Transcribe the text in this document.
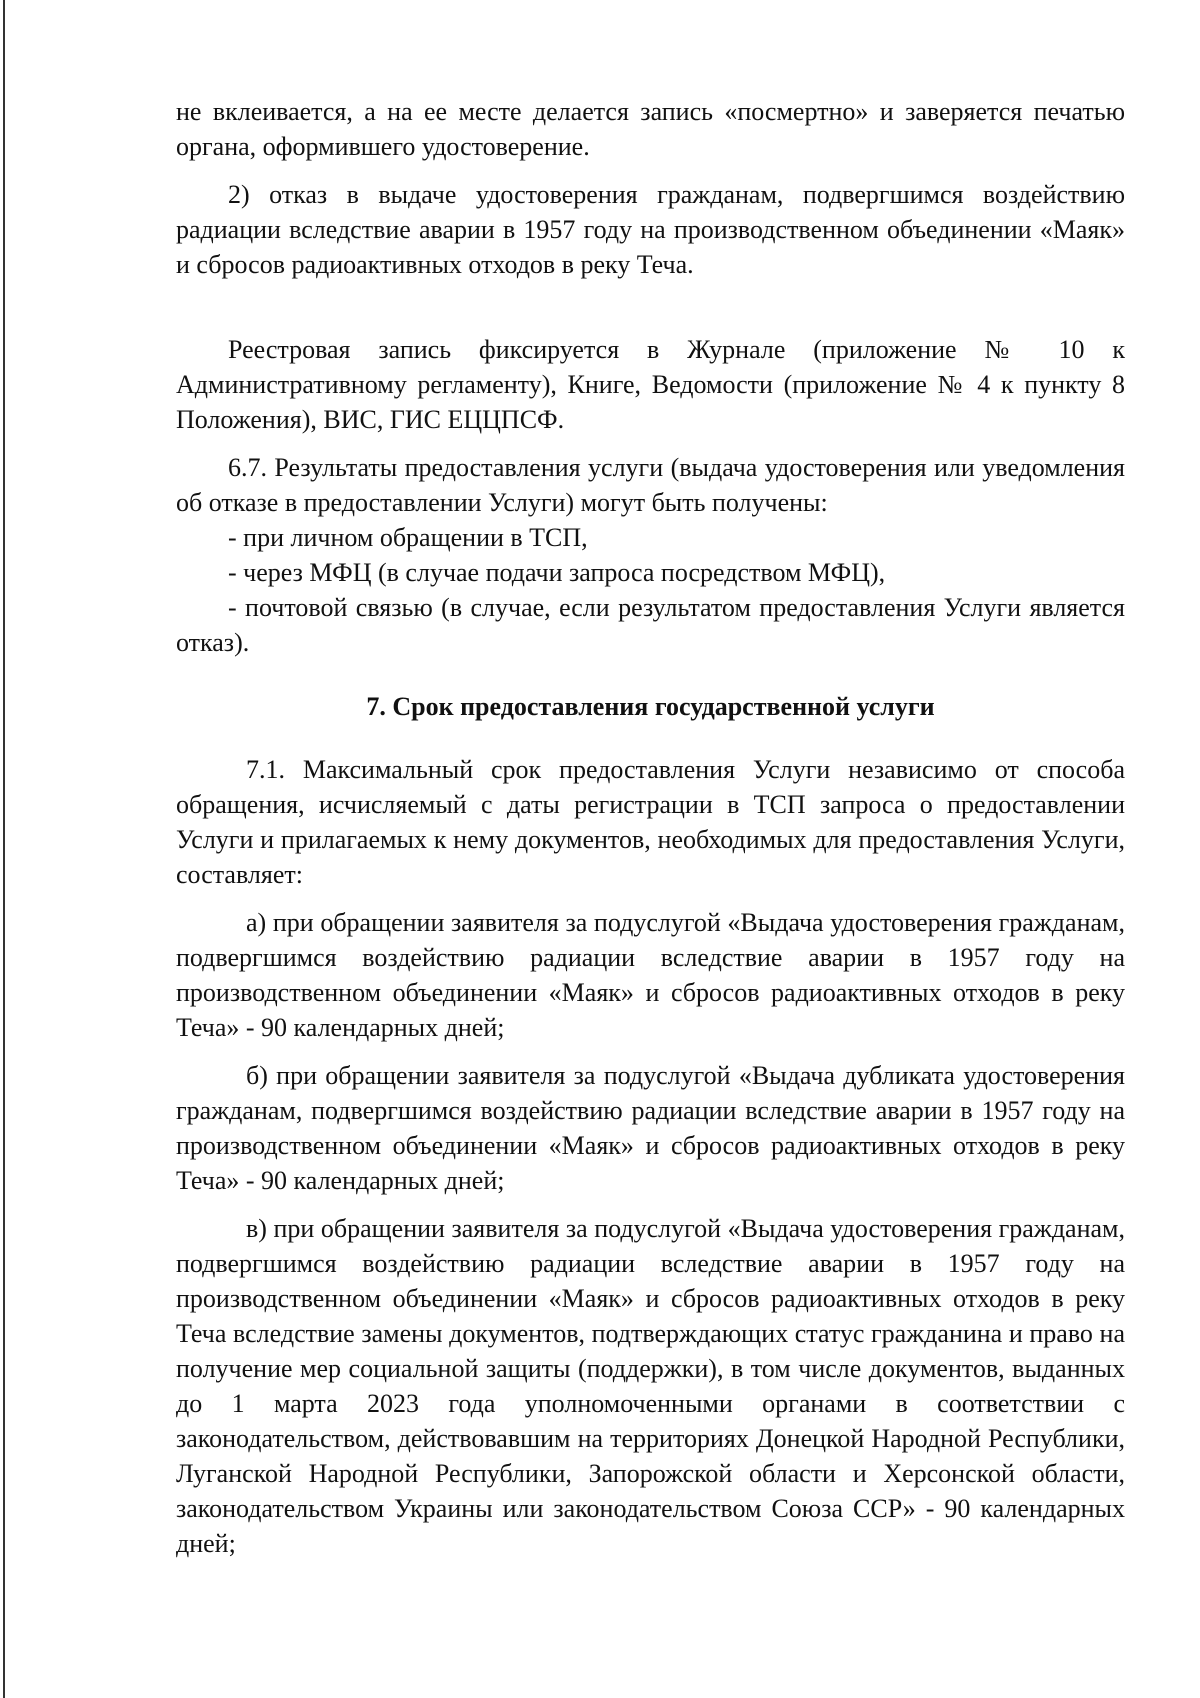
не вклеивается, а на ее месте делается запись «посмертно» и заверяется печатью органа, оформившего удостоверение.

2) отказ в выдаче удостоверения гражданам, подвергшимся воздействию радиации вследствие аварии в 1957 году на производственном объединении «Маяк» и сбросов радиоактивных отходов в реку Теча.

Реестровая запись фиксируется в Журнале (приложение № 10 к Административному регламенту), Книге, Ведомости (приложение № 4 к пункту 8 Положения), ВИС, ГИС ЕЦЦПСФ.

6.7. Результаты предоставления услуги (выдача удостоверения или уведомления об отказе в предоставлении Услуги) могут быть получены:

- при личном обращении в ТСП,

- через МФЦ (в случае подачи запроса посредством МФЦ),

- почтовой связью (в случае, если результатом предоставления Услуги является отказ).

7. Срок предоставления государственной услуги

7.1. Максимальный срок предоставления Услуги независимо от способа обращения, исчисляемый с даты регистрации в ТСП запроса о предоставлении Услуги и прилагаемых к нему документов, необходимых для предоставления Услуги, составляет:

а) при обращении заявителя за подуслугой «Выдача удостоверения гражданам, подвергшимся воздействию радиации вследствие аварии в 1957 году на производственном объединении «Маяк» и сбросов радиоактивных отходов в реку Теча» - 90 календарных дней;

б) при обращении заявителя за подуслугой «Выдача дубликата удостоверения гражданам, подвергшимся воздействию радиации вследствие аварии в 1957 году на производственном объединении «Маяк» и сбросов радиоактивных отходов в реку Теча» - 90 календарных дней;

в) при обращении заявителя за подуслугой «Выдача удостоверения гражданам, подвергшимся воздействию радиации вследствие аварии в 1957 году на производственном объединении «Маяк» и сбросов радиоактивных отходов в реку Теча вследствие замены документов, подтверждающих статус гражданина и право на получение мер социальной защиты (поддержки), в том числе документов, выданных до 1 марта 2023 года уполномоченными органами в соответствии с законодательством, действовавшим на территориях Донецкой Народной Республики, Луганской Народной Республики, Запорожской области и Херсонской области, законодательством Украины или законодательством Союза ССР» - 90 календарных дней;
